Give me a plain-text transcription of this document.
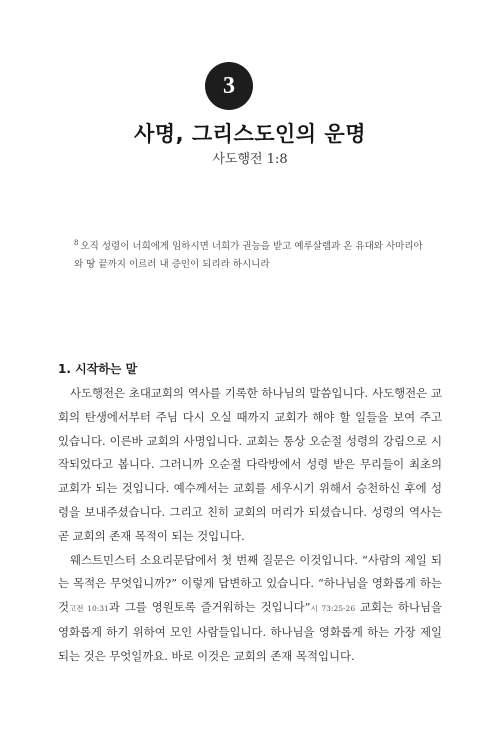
3
사명, 그리스도인의 운명
사도행전 1:8
$^8$ 오직 성령이 너희에게 임하시면 너희가 권능을 받고 예루살렘과 온 유대와 사마리아
와 땅 끝까지 이르러 내 증인이 되리라 하시니라
1. 시작하는 말

사도행전은 초대교회의 역사를 기록한 하나님의 말씀입니다. 사도행전은 교회의 탄생에서부터 주님 다시 오실 때까지 교회가 해야 할 일들을 보여 주고 있습니다. 이른바 교회의 사명입니다. 교회는 통상 오순절 성령의 강림으로 시작되었다고 봅니다. 그러니까 오순절 다락방에서 성령 받은 무리들이 최초의 교회가 되는 것입니다. 예수께서는 교회를 세우시기 위해서 승천하신 후에 성령을 보내주셨습니다. 그리고 친히 교회의 머리가 되셨습니다. 성령의 역사는 곧 교회의 존재 목적이 되는 것입니다.

웨스트민스터 소요리문답에서 첫 번째 질문은 이것입니다. “사람의 제일 되는 목적은 무엇입니까?” 이렇게 답변하고 있습니다. “하나님을 영화롭게 하는 것고전 10:31과 그를 영원토록 즐거워하는 것입니다”시 73:25-26 교회는 하나님을 영화롭게 하기 위하여 모인 사람들입니다. 하나님을 영화롭게 하는 가장 제일 되는 것은 무엇일까요. 바로 이것은 교회의 존재 목적입니다.
